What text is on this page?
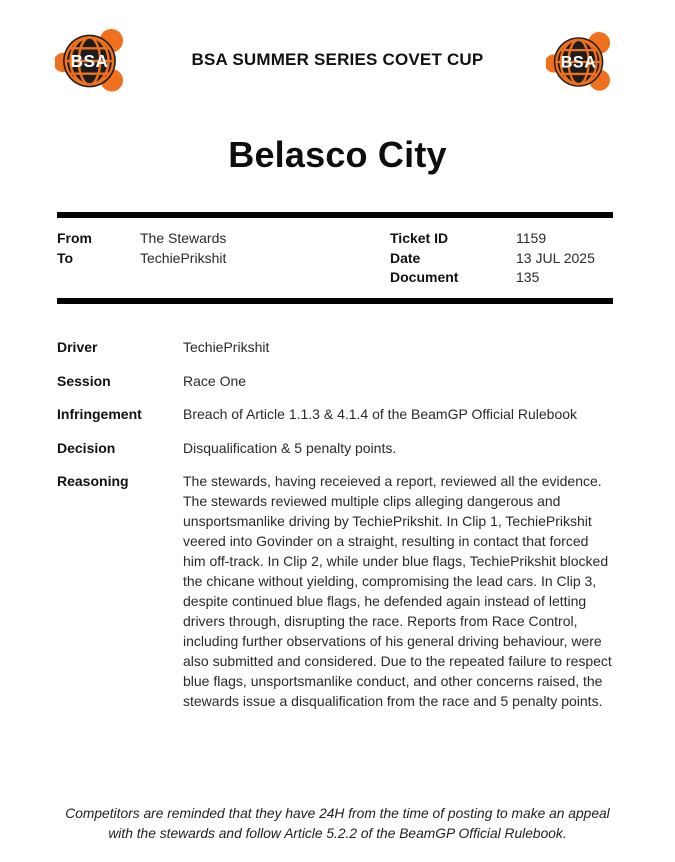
BSA	BSA
BSA SUMMER SERIES COVET CUP
Belasco City
From	The Stewards
To	TechiePrikshit
Ticket ID	1159
Date	13 JUL 2025
Document	135
Driver	TechiePrikshit
Session	Race One
Infringement	Breach of Article 1.1.3 & 4.1.4 of the BeamGP Official Rulebook
Decision	Disqualification & 5 penalty points.
Reasoning	The stewards, having receieved a report, reviewed all the evidence. The stewards reviewed multiple clips alleging dangerous and unsportsmanlike driving by TechiePrikshit. In Clip 1, TechiePrikshit veered into Govinder on a straight, resulting in contact that forced him off-track. In Clip 2, while under blue flags, TechiePrikshit blocked the chicane without yielding, compromising the lead cars. In Clip 3, despite continued blue flags, he defended again instead of letting drivers through, disrupting the race. Reports from Race Control, including further observations of his general driving behaviour, were also submitted and considered. Due to the repeated failure to respect blue flags, unsportsmanlike conduct, and other concerns raised, the stewards issue a disqualification from the race and 5 penalty points.
Competitors are reminded that they have 24H from the time of posting to make an appeal with the stewards and follow Article 5.2.2 of the BeamGP Official Rulebook.
